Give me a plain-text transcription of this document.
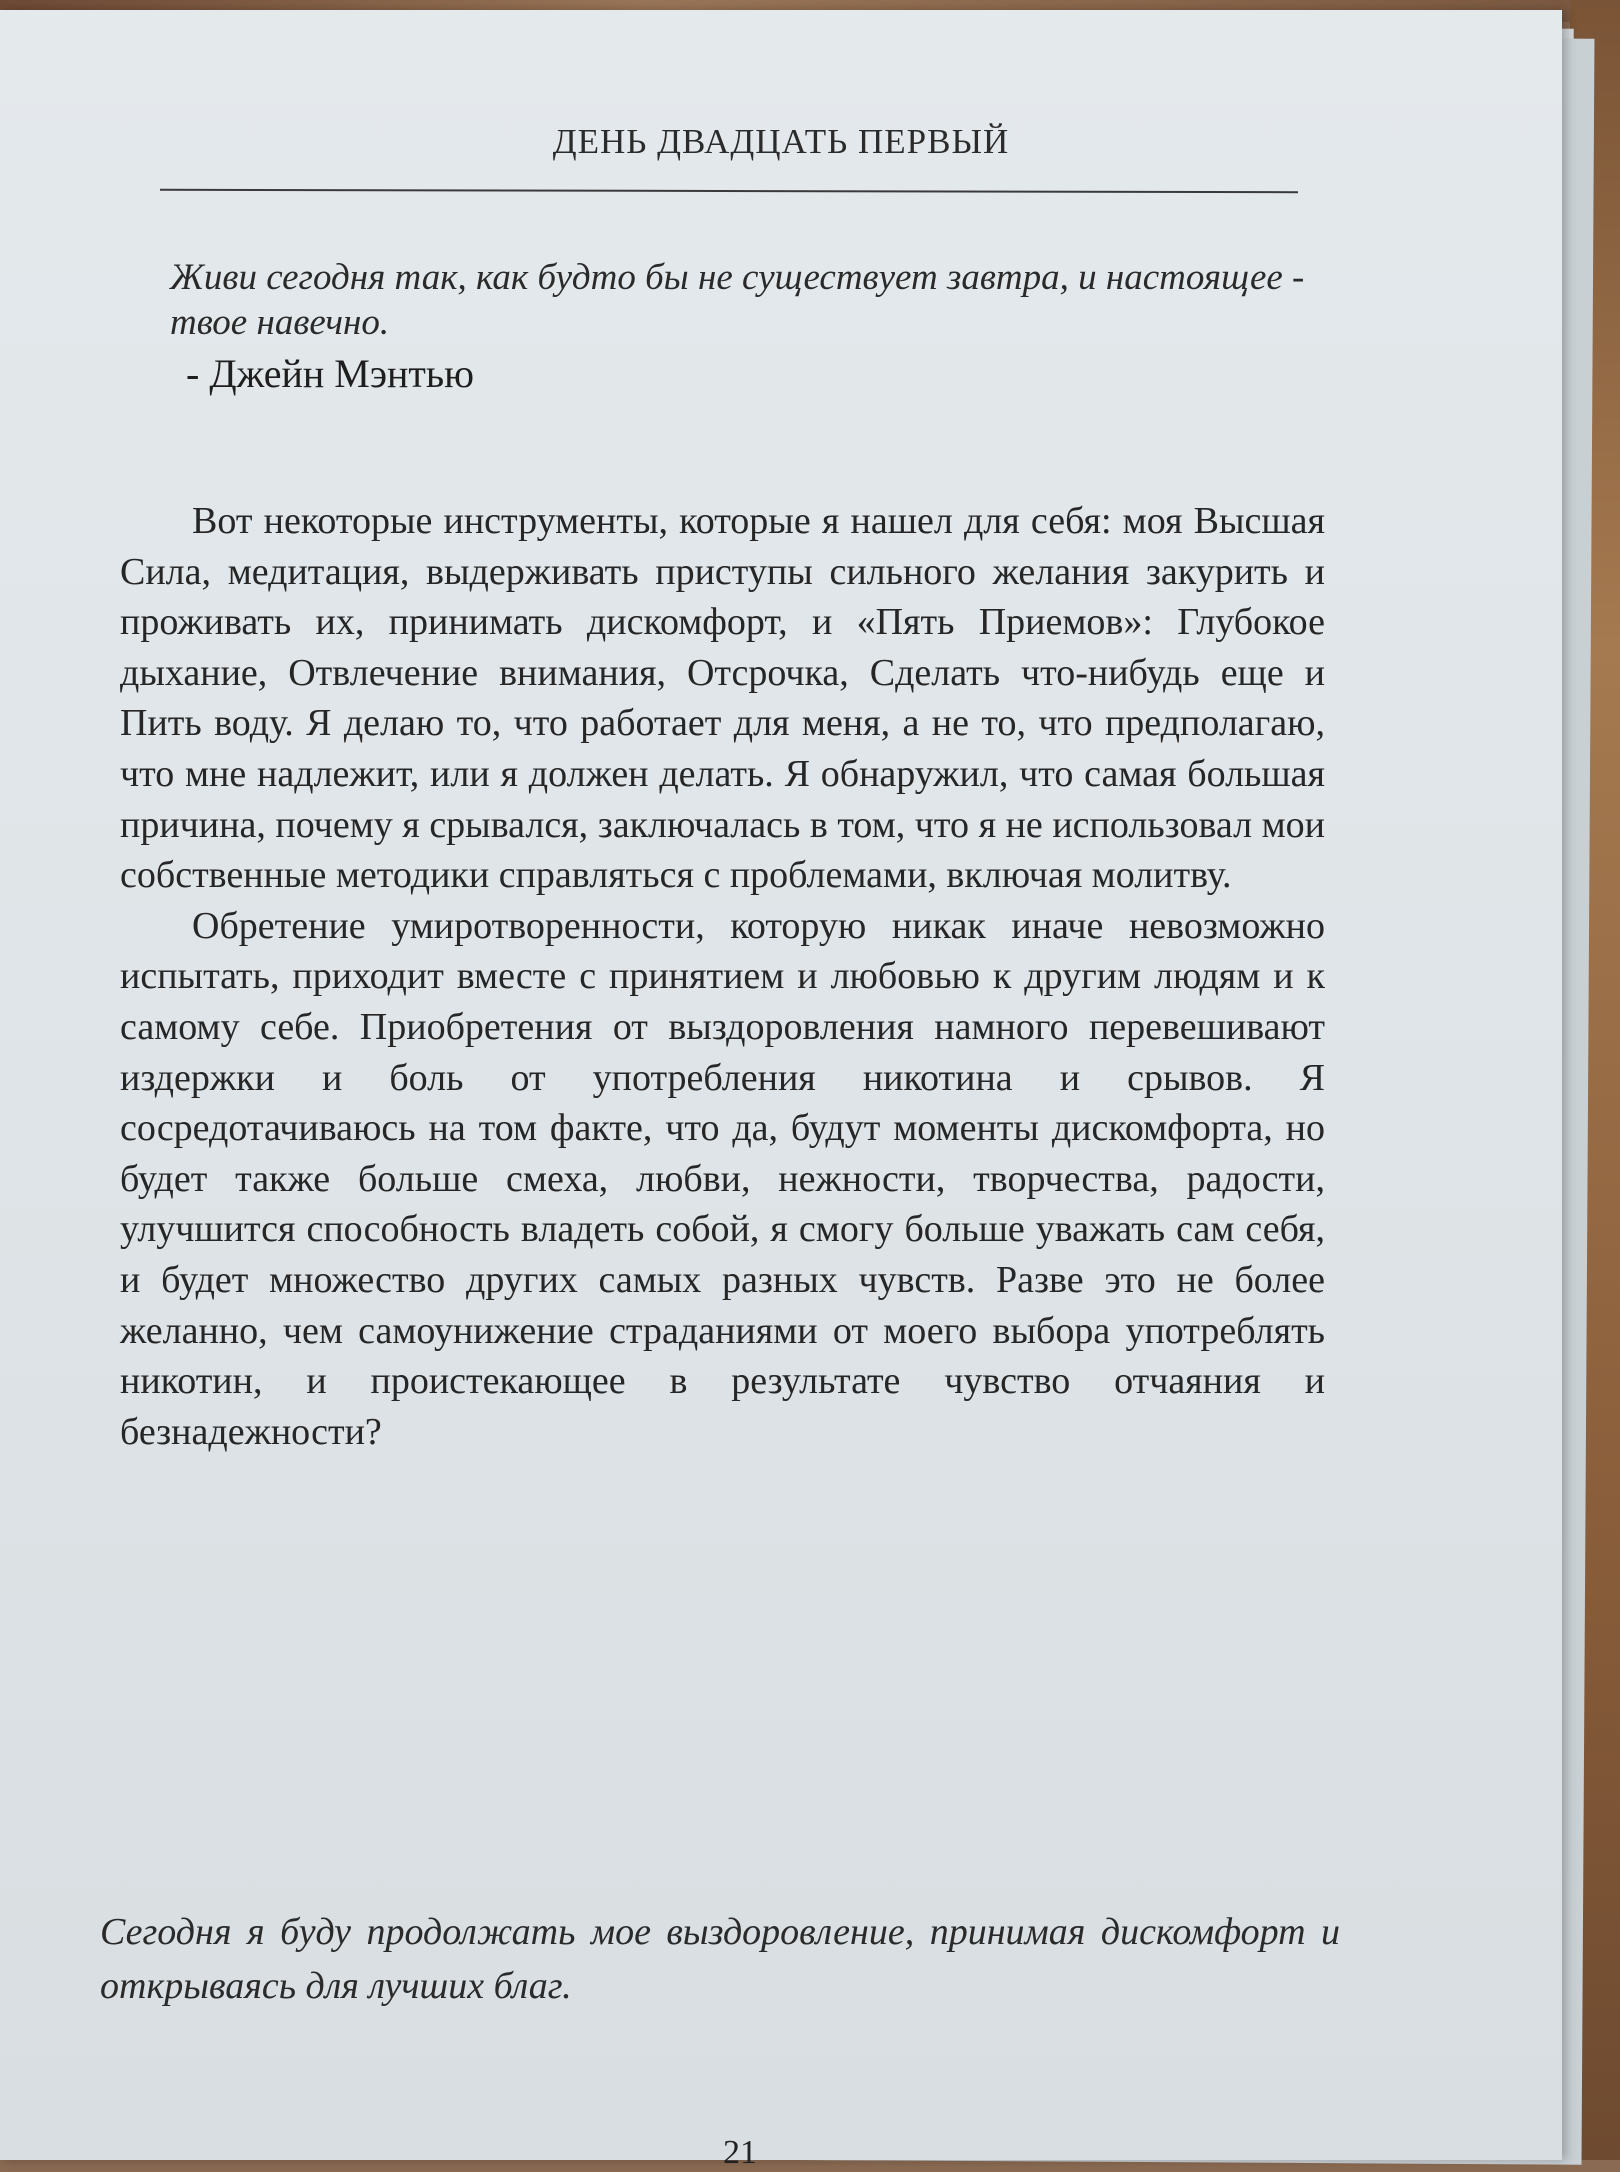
ДЕНЬ ДВАДЦАТЬ ПЕРВЫЙ
Живи сегодня так, как будто бы не существует завтра, и настоящее - твое навечно.
- Джейн Мэнтью

Вот некоторые инструменты, которые я нашел для себя: моя Высшая Сила, медитация, выдерживать приступы сильного желания закурить и проживать их, принимать дискомфорт, и «Пять Приемов»: Глубокое дыхание, Отвлечение внимания, Отсрочка, Сделать что-нибудь еще и Пить воду. Я делаю то, что работает для меня, а не то, что предполагаю, что мне надлежит, или я должен делать. Я обнаружил, что самая большая причина, почему я срывался, заключалась в том, что я не использовал мои собственные методики справляться с проблемами, включая молитву.

Обретение умиротворенности, которую никак иначе невозможно испытать, приходит вместе с принятием и любовью к другим людям и к самому себе. Приобретения от выздоровления намного перевешивают издержки и боль от употребления никотина и срывов. Я сосредотачиваюсь на том факте, что да, будут моменты дискомфорта, но будет также больше смеха, любви, нежности, творчества, радости, улучшится способность владеть собой, я смогу больше уважать сам себя, и будет множество других самых разных чувств. Разве это не более желанно, чем самоунижение страданиями от моего выбора употреблять никотин, и проистекающее в результате чувство отчаяния и безнадежности?

Сегодня я буду продолжать мое выздоровление, принимая дискомфорт и открываясь для лучших благ.
21
